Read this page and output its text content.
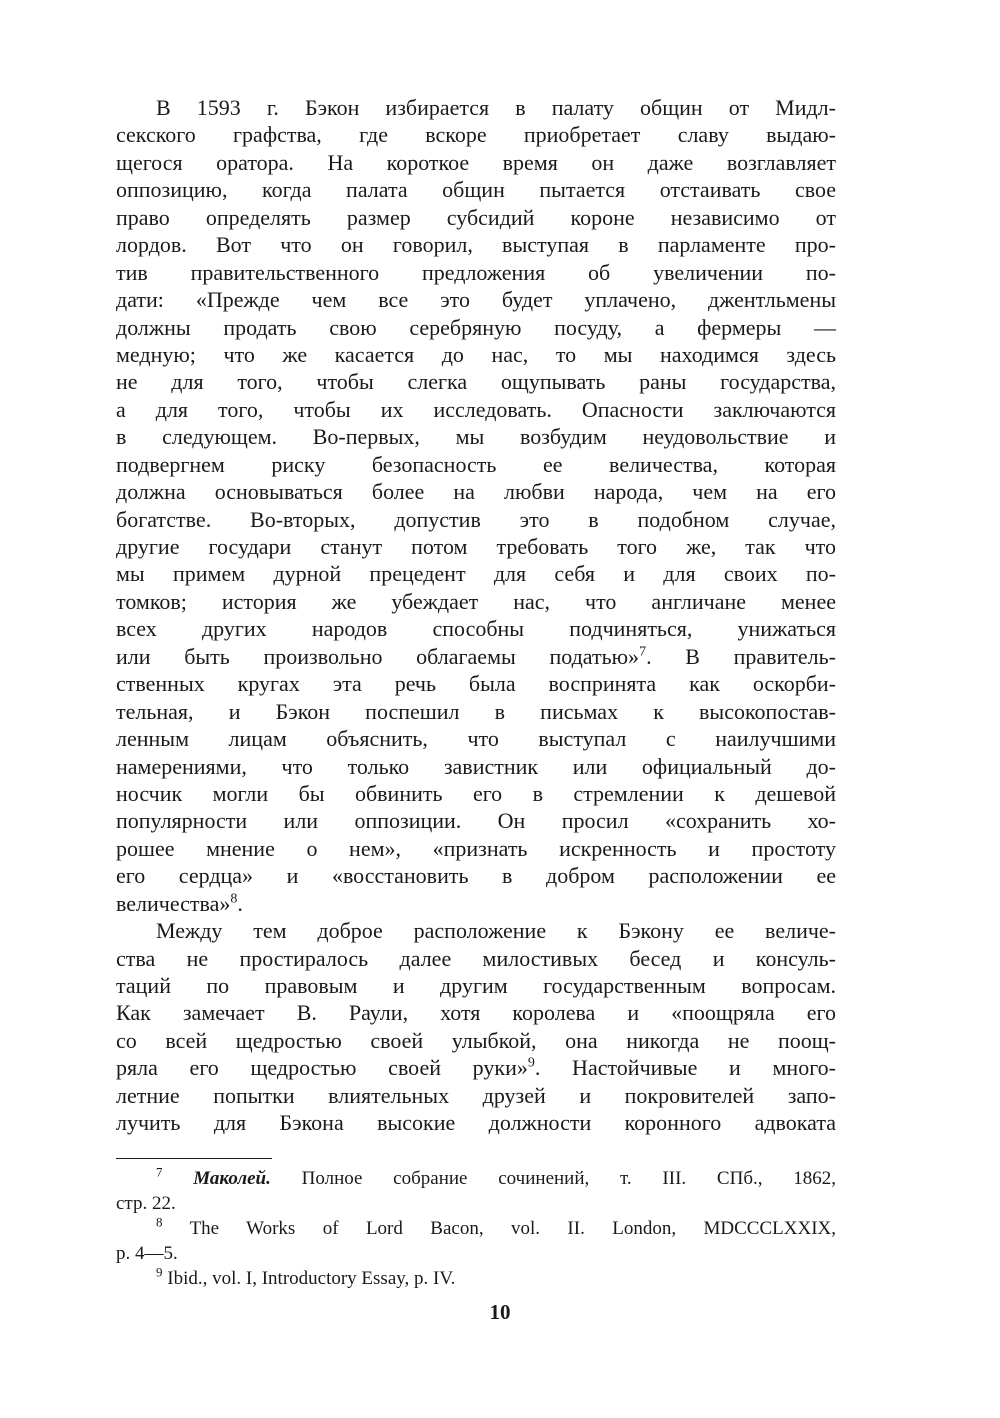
В 1593 г. Бэкон избирается в палату общин от Мидл-
секского графства, где вскоре приобретает славу выдаю-
щегося оратора. На короткое время он даже возглавляет
оппозицию, когда палата общин пытается отстаивать свое
право определять размер субсидий короне независимо от
лордов. Вот что он говорил, выступая в парламенте про-
тив правительственного предложения об увеличении по-
дати: «Прежде чем все это будет уплачено, джентльмены
должны продать свою серебряную посуду, а фермеры —
медную; что же касается до нас, то мы находимся здесь
не для того, чтобы слегка ощупывать раны государства,
а для того, чтобы их исследовать. Опасности заключаются
в следующем. Во-первых, мы возбудим неудовольствие и
подвергнем риску безопасность ее величества, которая
должна основываться более на любви народа, чем на его
богатстве. Во-вторых, допустив это в подобном случае,
другие государи станут потом требовать того же, так что
мы примем дурной прецедент для себя и для своих по-
томков; история же убеждает нас, что англичане менее
всех других народов способны подчиняться, унижаться
или быть произвольно облагаемы податью»$^7$. В правитель-
ственных кругах эта речь была воспринята как оскорби-
тельная, и Бэкон поспешил в письмах к высокопостав-
ленным лицам объяснить, что выступал с наилучшими
намерениями, что только завистник или официальный до-
носчик могли бы обвинить его в стремлении к дешевой
популярности или оппозиции. Он просил «сохранить хо-
рошее мнение о нем», «признать искренность и простоту
его сердца» и «восстановить в добром расположении ее
величества»$^8$.
Между тем доброе расположение к Бэкону ее величе-
ства не простиралось далее милостивых бесед и консуль-
таций по правовым и другим государственным вопросам.
Как замечает В. Раули, хотя королева и «поощряла его
со всей щедростью своей улыбкой, она никогда не поощ-
ряла его щедростью своей руки»$^9$. Настойчивые и много-
летние попытки влиятельных друзей и покровителей запо-
лучить для Бэкона высокие должности коронного адвоката
$^7$ Маколей. Полное собрание сочинений, т. III. СПб., 1862,
стр. 22.
$^8$ The Works of Lord Bacon, vol. II. London, MDCCCLXXIX,
p. 4—5.
$^9$ Ibid., vol. I, Introductory Essay, p. IV.
10
